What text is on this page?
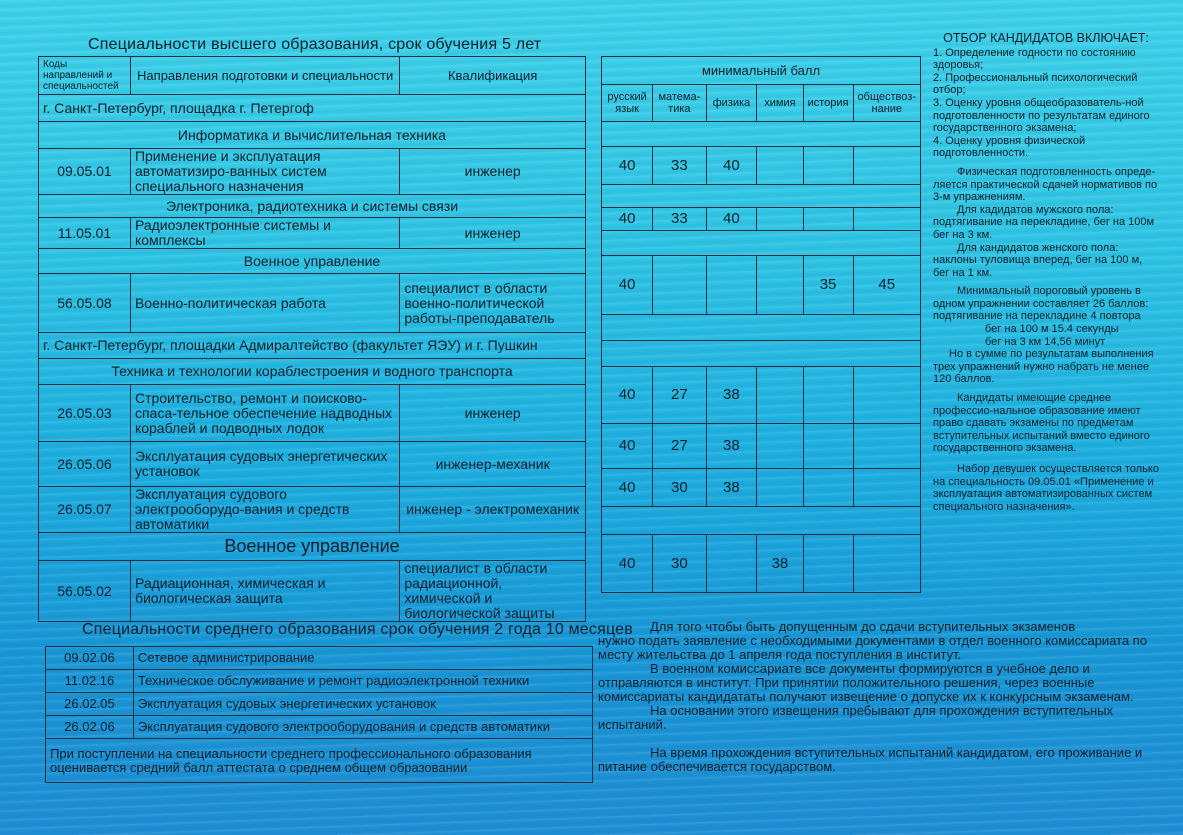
Специальности высшего образования, срок обучения 5 лет
Коды направлений и специальностей	Направления подготовки и специальности	Квалификация
г. Санкт-Петербург, площадка г. Петергоф		
Информатика и вычислительная техника		
09.05.01	Применение и эксплуатация автоматизиро-ванных систем специального назначения	инженер
Электроника, радиотехника и системы связи		
11.05.01	Радиоэлектронные системы и комплексы	инженер
Военное управление		
56.05.08	Военно-политическая работа	специалист в области военно-политической работы-преподаватель
г. Санкт-Петербург, площадки Адмиралтейство (факультет ЯЭУ) и г. Пушкин		
Техника и технологии кораблестроения и водного транспорта		
26.05.03	Строительство, ремонт и поисково-спаса-тельное обеспечение надводных кораблей и подводных лодок	инженер
26.05.06	Эксплуатация судовых энергетических установок	инженер-механик
26.05.07	Эксплуатация судового электрооборудо-вания и средств автоматики	инженер - электромеханик
Военное управление		
56.05.02	Радиационная, химическая и биологическая защита	специалист в области радиационной, химической и биологической защиты
минимальный балл					
русский язык	матема-тика	физика	химия	история	обществоз-нание

40	33	40			

40	33	40			

40				35	45

40	27	38			
40	27	38			
40	30	38			

40	30		38		
Специальности среднего образования срок обучения 2 года 10 месяцев
09.02.06	Сетевое администрирование
11.02.16	Техническое обслуживание и ремонт радиоэлектронной техники
26.02.05	Эксплуатация судовых энергетических установок
26.02.06	Эксплуатация судового электрооборудования и средств автоматики
При поступлении на специальности среднего профессионального образования оценивается средний балл аттестата о среднем общем образовании	

Для того чтобы быть допущенным до сдачи вступительных экзаменов

нужно подать заявление с необходимыми документами в отдел военного комиссариата по месту жительства до 1 апреля года поступления в институт.

В военном комиссариате все документы формируются в учебное дело и отправляются в институт. При принятии положительного решения, через военные комиссариаты кандидататы получают извещение о допуске их к конкурсным экзаменам.

На основании этого извещения пребывают для прохождения вступительных испытаний.

На время прохождения вступительных испытаний кандидатом, его проживание и питание обеспечивается государством.

ОТБОР КАНДИДАТОВ ВКЛЮЧАЕТ:

1. Определение годности по состоянию здоровья;

2. Профессиональный психологический отбор;

3. Оценку уровня общеобразователь-ной подготовленности по результатам единого государственного экзамена;

4. Оценку уровня физической подготовленности.

Физическая подготовленность опреде-ляется практической сдачей нормативов по 3-м упражнениям.

Для кадидатов мужского пола: подтягивание на перекладине, бег на 100м бег на 3 км.

Для кандидатов женского пола: наклоны туловища вперед, бег на 100 м, бег на 1 км.

Минимальный пороговый уровень в одном упражнении составляет 26 баллов:

подтягивание на перекладине 4 повтора

бег на 100 м 15.4 секунды

бег на 3 км 14,56 минут

Но в сумме по результатам выполнения трех упражнений нужно набрать не менее 120 баллов.

Кандидаты имеющие среднее профессио-нальное образование имеют право сдавать экзамены по предметам вступительных испытаний вместо единого государственного экзамена.

Набор девушек осуществляется только на специальность 09.05.01 «Применение и эксплуатация автоматизированных систем специального назначения».
